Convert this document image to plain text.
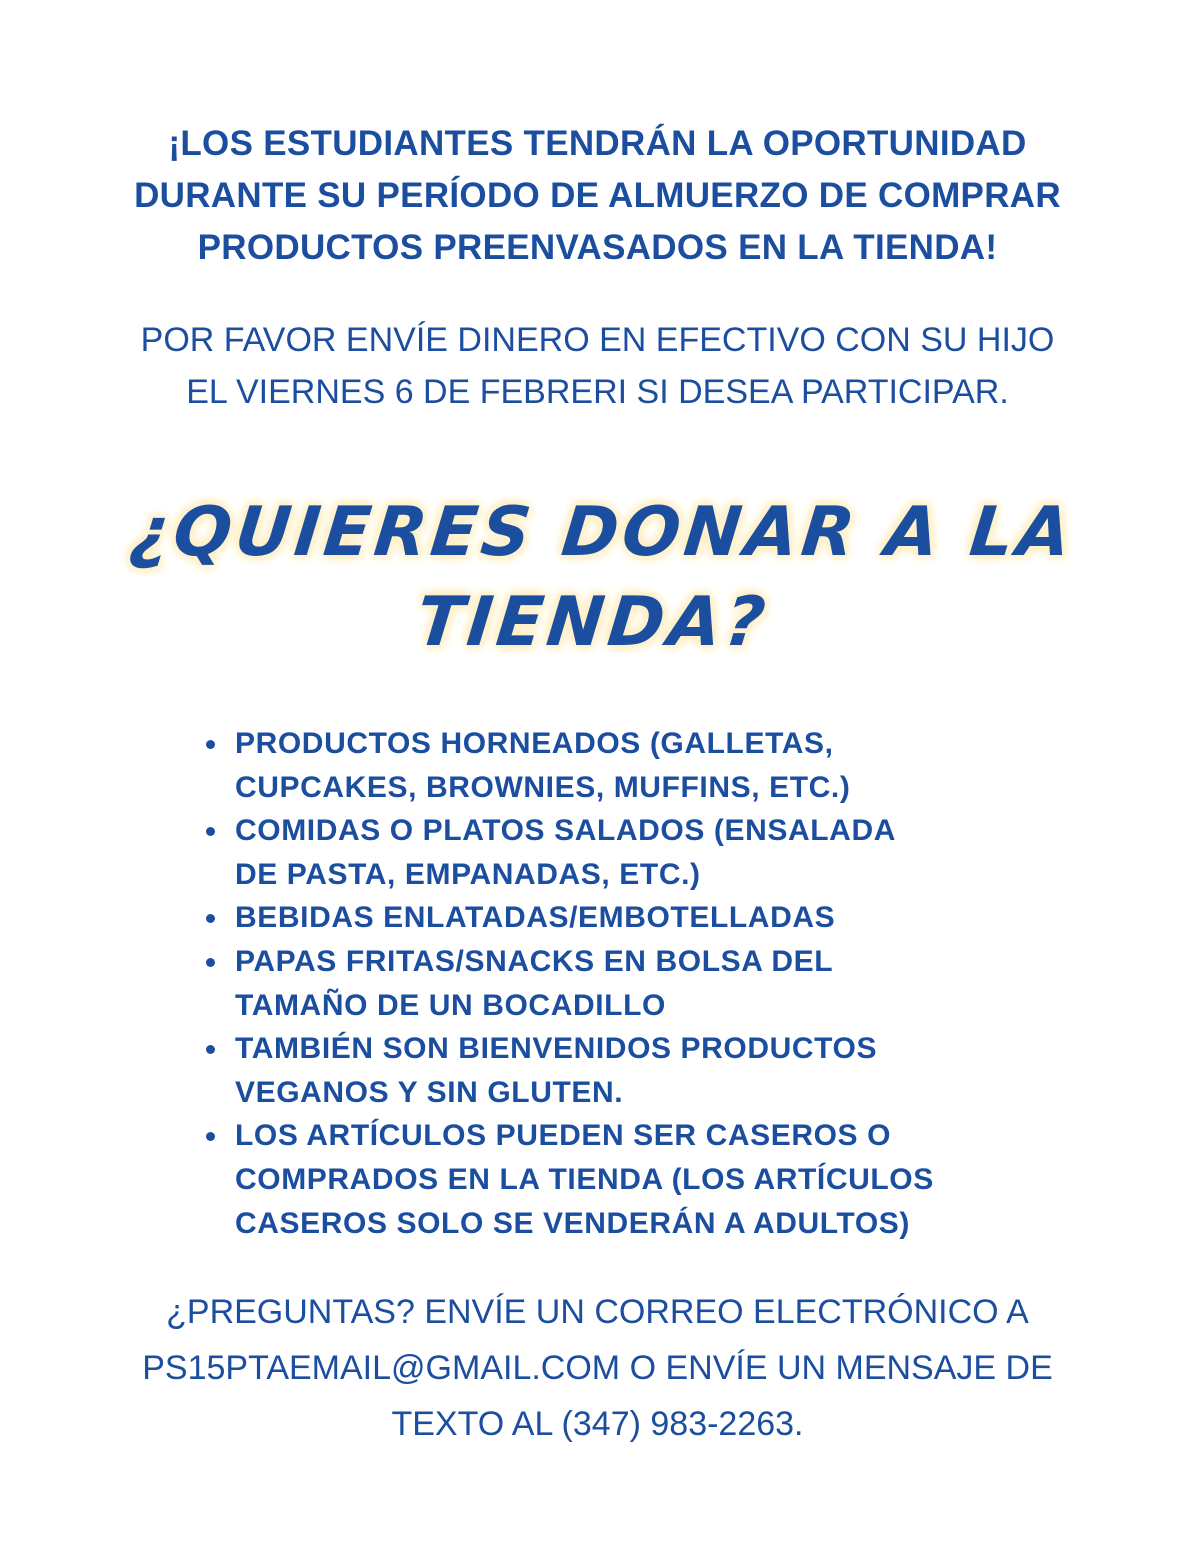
¡LOS ESTUDIANTES TENDRÁN LA OPORTUNIDAD
DURANTE SU PERÍODO DE ALMUERZO DE COMPRAR
PRODUCTOS PREENVASADOS EN LA TIENDA!
POR FAVOR ENVÍE DINERO EN EFECTIVO CON SU HIJO
EL VIERNES 6 DE FEBRERI SI DESEA PARTICIPAR.
¿QUIERES DONAR A LA
TIENDA?
PRODUCTOS HORNEADOS (GALLETAS,
CUPCAKES, BROWNIES, MUFFINS, ETC.)
COMIDAS O PLATOS SALADOS (ENSALADA
DE PASTA, EMPANADAS, ETC.)
BEBIDAS ENLATADAS/EMBOTELLADAS
PAPAS FRITAS/SNACKS EN BOLSA DEL
TAMAÑO DE UN BOCADILLO
TAMBIÉN SON BIENVENIDOS PRODUCTOS
VEGANOS Y SIN GLUTEN.
LOS ARTÍCULOS PUEDEN SER CASEROS O
COMPRADOS EN LA TIENDA (LOS ARTÍCULOS
CASEROS SOLO SE VENDERÁN A ADULTOS)
¿PREGUNTAS? ENVÍE UN CORREO ELECTRÓNICO A
PS15PTAEMAIL@GMAIL.COM O ENVÍE UN MENSAJE DE
TEXTO AL (347) 983-2263.
